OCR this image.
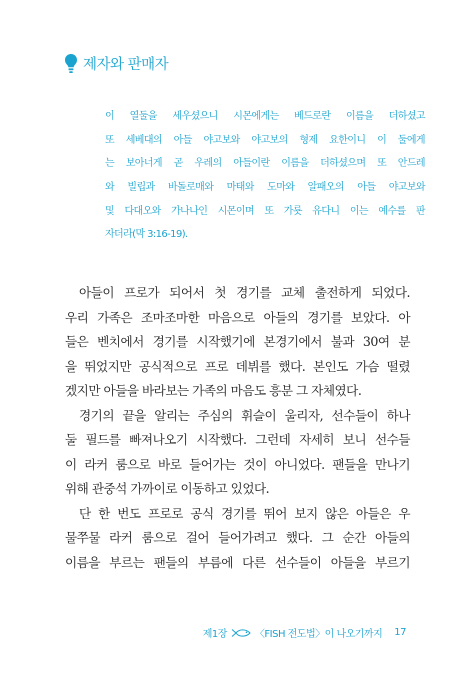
제자와 판매자
이 열둘을 세우셨으니 시몬에게는 베드로란 이름을 더하셨고
또 세베대의 아들 야고보와 야고보의 형제 요한이니 이 둘에게
는 보아너게 곧 우레의 아들이란 이름을 더하셨으며 또 안드레
와 빌립과 바돌로매와 마태와 도마와 알패오의 아들 야고보와
및 다대오와 가나나인 시몬이며 또 가룟 유다니 이는 예수를 판
자더라(막 3:16-19).
아들이 프로가 되어서 첫 경기를 교체 출전하게 되었다.
우리 가족은 조마조마한 마음으로 아들의 경기를 보았다. 아
들은 벤치에서 경기를 시작했기에 본경기에서 불과 30여 분
을 뛰었지만 공식적으로 프로 데뷔를 했다. 본인도 가슴 떨렸
겠지만 아들을 바라보는 가족의 마음도 흥분 그 자체였다.
경기의 끝을 알리는 주심의 휘슬이 울리자, 선수들이 하나
둘 필드를 빠져나오기 시작했다. 그런데 자세히 보니 선수들
이 라커 룸으로 바로 들어가는 것이 아니었다. 팬들을 만나기
위해 관중석 가까이로 이동하고 있었다.
단 한 번도 프로로 공식 경기를 뛰어 보지 않은 아들은 우
물쭈물 라커 룸으로 걸어 들어가려고 했다. 그 순간 아들의
이름을 부르는 팬들의 부름에 다른 선수들이 아들을 부르기
제1장	〈FISH 전도법〉이 나오기까지 17
